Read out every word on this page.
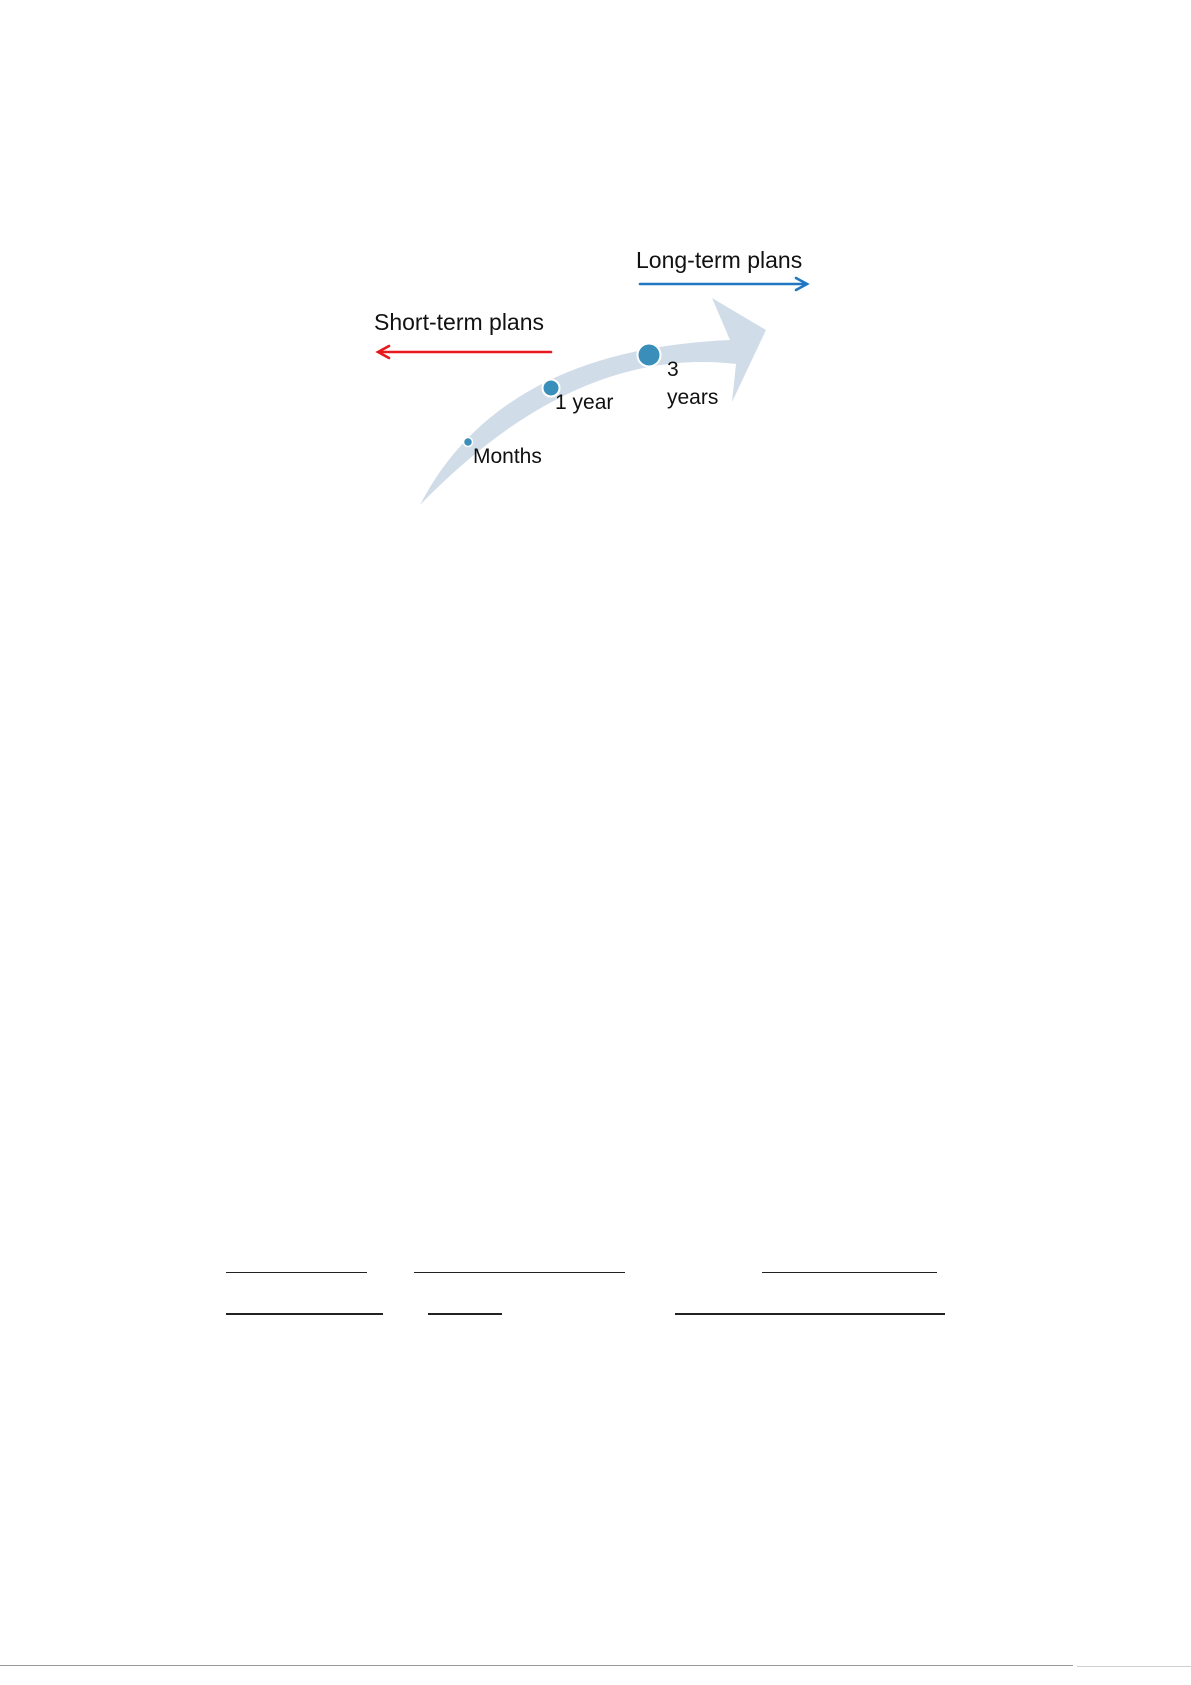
Short-term plans
Long-term plans
Months
1 year
3
years
